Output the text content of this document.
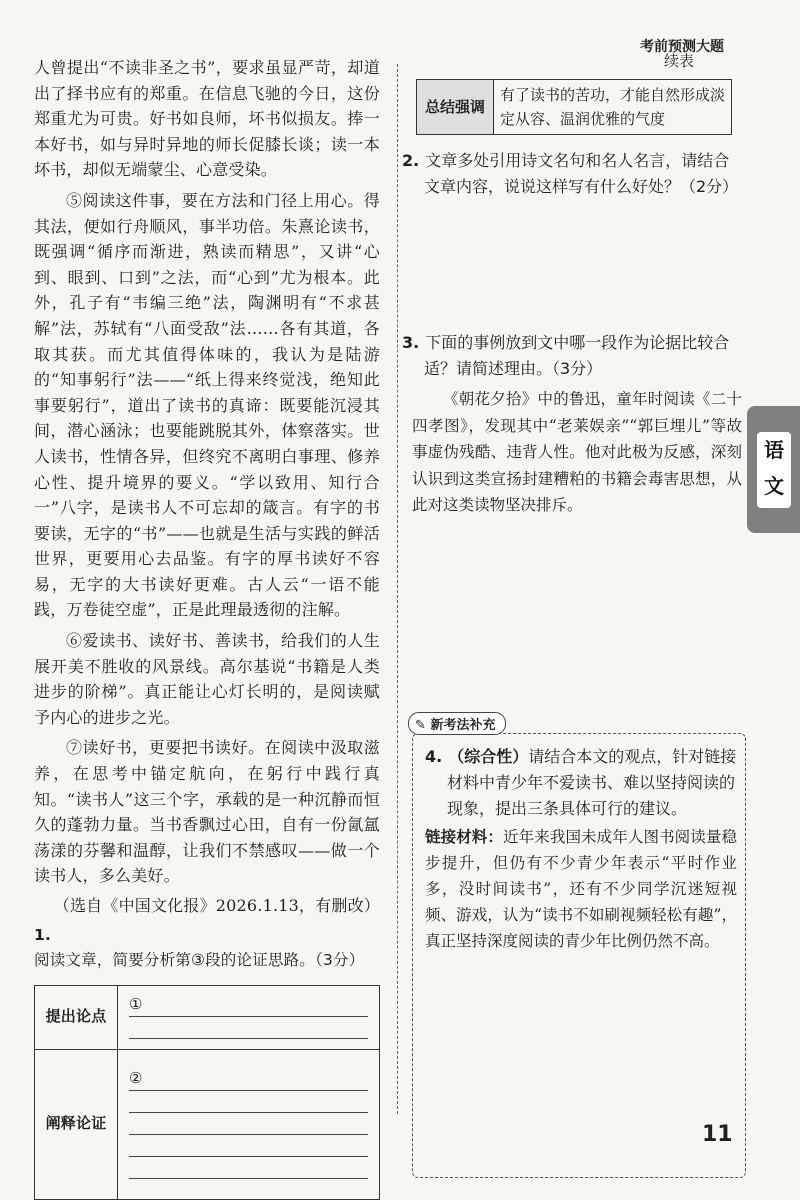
考前预测大题

人曾提出“不读非圣之书”，要求虽显严苛，却道出了择书应有的郑重。在信息飞驰的今日，这份郑重尤为可贵。好书如良师，坏书似损友。捧一本好书，如与异时异地的师长促膝长谈；读一本坏书，却似无端蒙尘、心意受染。

⑤阅读这件事，要在方法和门径上用心。得其法，便如行舟顺风，事半功倍。朱熹论读书，既强调“循序而渐进，熟读而精思”，又讲“心到、眼到、口到”之法，而“心到”尤为根本。此外，孔子有“韦编三绝”法，陶渊明有“不求甚解”法，苏轼有“八面受敌”法……各有其道，各取其获。而尤其值得体味的，我认为是陆游的“知事躬行”法——“纸上得来终觉浅，绝知此事要躬行”，道出了读书的真谛：既要能沉浸其间，潜心涵泳；也要能跳脱其外，体察落实。世人读书，性情各异，但终究不离明白事理、修养心性、提升境界的要义。“学以致用、知行合一”八字，是读书人不可忘却的箴言。有字的书要读，无字的“书”——也就是生活与实践的鲜活世界，更要用心去品鉴。有字的厚书读好不容易，无字的大书读好更难。古人云“一语不能践，万卷徒空虚”，正是此理最透彻的注解。

⑥爱读书、读好书、善读书，给我们的人生展开美不胜收的风景线。高尔基说“书籍是人类进步的阶梯”。真正能让心灯长明的，是阅读赋予内心的进步之光。

⑦读好书，更要把书读好。在阅读中汲取滋养，在思考中锚定航向，在躬行中践行真知。“读书人”这三个字，承载的是一种沉静而恒久的蓬勃力量。当书香飘过心田，自有一份氤氲荡漾的芬馨和温醇，让我们不禁感叹——做一个读书人，多么美好。

（选自《中国文化报》2026.1.13，有删改）

1.阅读文章，简要分析第③段的论证思路。（3分）
提出论点	①

阐释论证	②
续表
总结强调	有了读书的苦功，才能自然形成淡定从容、温润优雅的气度
2. 文章多处引用诗文名句和名人名言，请结合文章内容，说说这样写有什么好处？（2分）
3. 下面的事例放到文中哪一段作为论据比较合适？请简述理由。（3分）
《朝花夕拾》中的鲁迅，童年时阅读《二十四孝图》，发现其中“老莱娱亲”“郭巨埋儿”等故事虚伪残酷、违背人性。他对此极为反感，深刻认识到这类宣扬封建糟粕的书籍会毒害思想，从此对这类读物坚决排斥。
4. （综合性）请结合本文的观点，针对链接材料中青少年不爱读书、难以坚持阅读的现象，提出三条具体可行的建议。
链接材料：近年来我国未成年人图书阅读量稳步提升，但仍有不少青少年表示“平时作业多，没时间读书”，还有不少同学沉迷短视频、游戏，认为“读书不如刷视频轻松有趣”，真正坚持深度阅读的青少年比例仍然不高。
✎ 新考法补充
语
文
11
